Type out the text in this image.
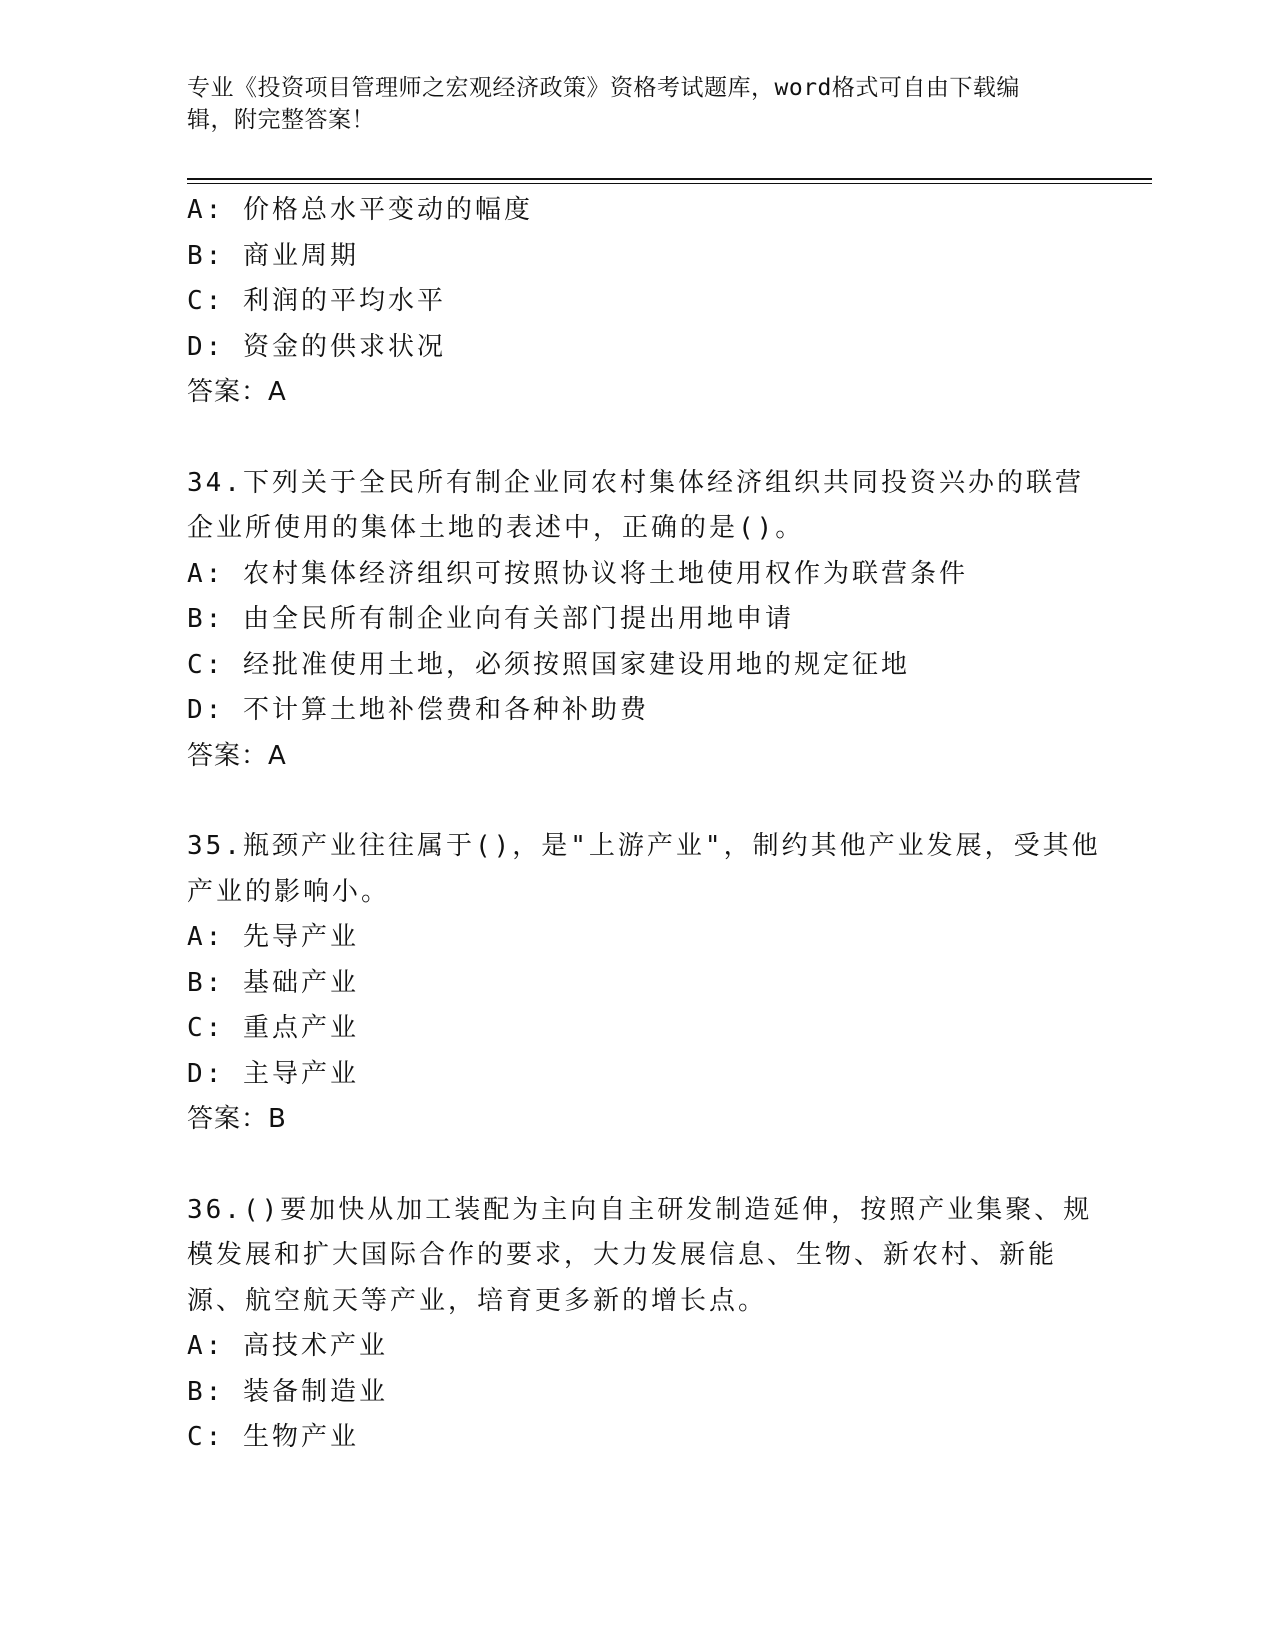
专业《投资项目管理师之宏观经济政策》资格考试题库，word格式可自由下载编
辑，附完整答案！
A: 价格总水平变动的幅度
B: 商业周期
C: 利润的平均水平
D: 资金的供求状况
答案：A
34.下列关于全民所有制企业同农村集体经济组织共同投资兴办的联营
企业所使用的集体土地的表述中，正确的是()。
A: 农村集体经济组织可按照协议将土地使用权作为联营条件
B: 由全民所有制企业向有关部门提出用地申请
C: 经批准使用土地，必须按照国家建设用地的规定征地
D: 不计算土地补偿费和各种补助费
答案：A
35.瓶颈产业往往属于()，是"上游产业"，制约其他产业发展，受其他
产业的影响小。
A: 先导产业
B: 基础产业
C: 重点产业
D: 主导产业
答案：B
36.()要加快从加工装配为主向自主研发制造延伸，按照产业集聚、规
模发展和扩大国际合作的要求，大力发展信息、生物、新农村、新能
源、航空航天等产业，培育更多新的增长点。
A: 高技术产业
B: 装备制造业
C: 生物产业
